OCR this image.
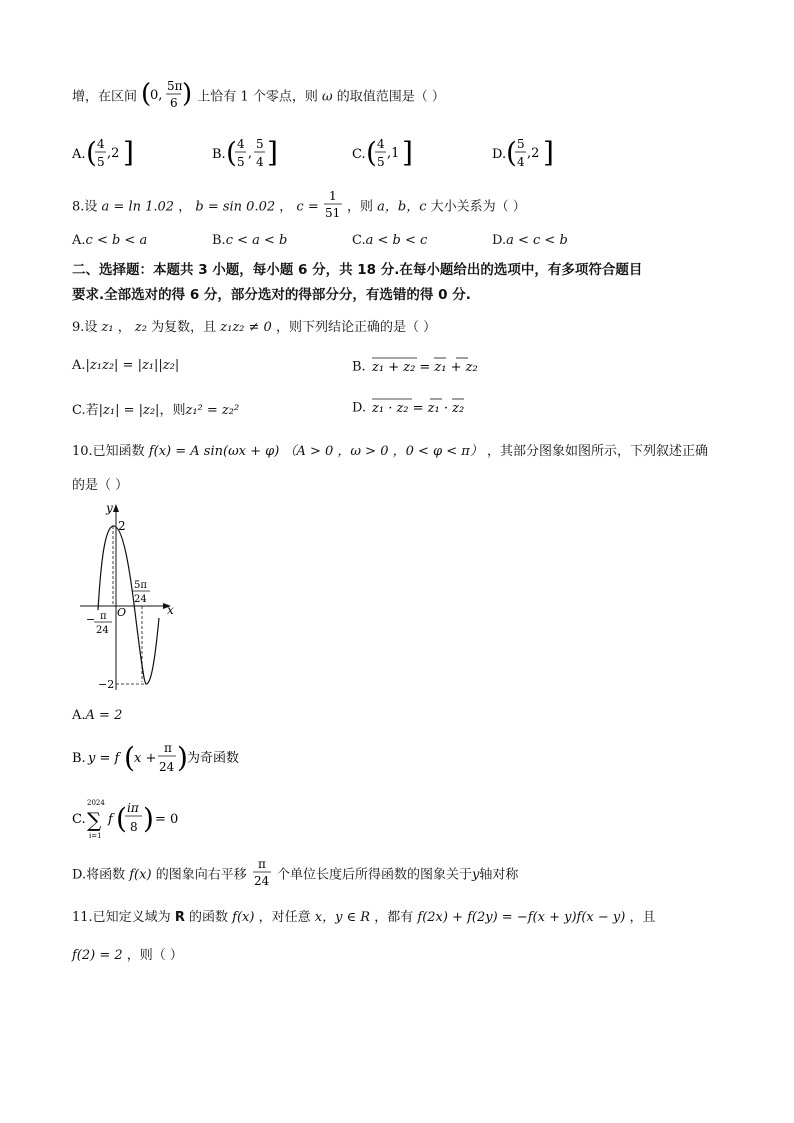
增，在区间 (
0,
5π
6 ) 上恰有 1 个零点，则 ω 的取值范围是（ ）
A. ( 4
5
,2 ]	B. ( 4
5
,
5
4 ]	C. ( 4
5
,1 ]	D. ( 5
4
,2 ]
8.设 a = ln 1.02 ， b = sin 0.02 ， c =
1
51 ，则 a，b，c 大小关系为（ ）
A.c < b < a	B.c < a < b	C.a < b < c	D.a < c < b
二、选择题：本题共 3 小题，每小题 6 分，共 18 分.在每小题给出的选项中，有多项符合题目
要求.全部选对的得 6 分，部分选对的得部分分，有选错的得 0 分.
9.设 z₁ ， z₂ 为复数，且 z₁z₂ ≠ 0 ，则下列结论正确的是（ ）
A.|z₁z₂| = |z₁||z₂|	B. z₁ + z₂ = z₁ + z₂
C.若|z₁| = |z₂|，则z₁² = z₂²	D. z₁ · z₂ = z₁ · z₂
10.已知函数 f(x) = A sin(ωx + φ) （A > 0 ，ω > 0 ，0 < φ < π） ，其部分图象如图所示，下列叙述正确
的是（ ）
y
x
O
2
−2
− π
24
5π
24
A.A = 2
B. y = f ( x +
π
24 ) 为奇函数
C.
2024
∑
i=1
f ( iπ
8 ) = 0
D.将函数 f(x) 的图象向右平移
π
24 个单位长度后所得函数的图象关于y轴对称
11.已知定义域为 R 的函数 f(x) ，对任意 x，y ∈ R ，都有 f(2x) + f(2y) = −f(x + y)f(x − y) ，且
f(2) = 2 ，则（ ）
